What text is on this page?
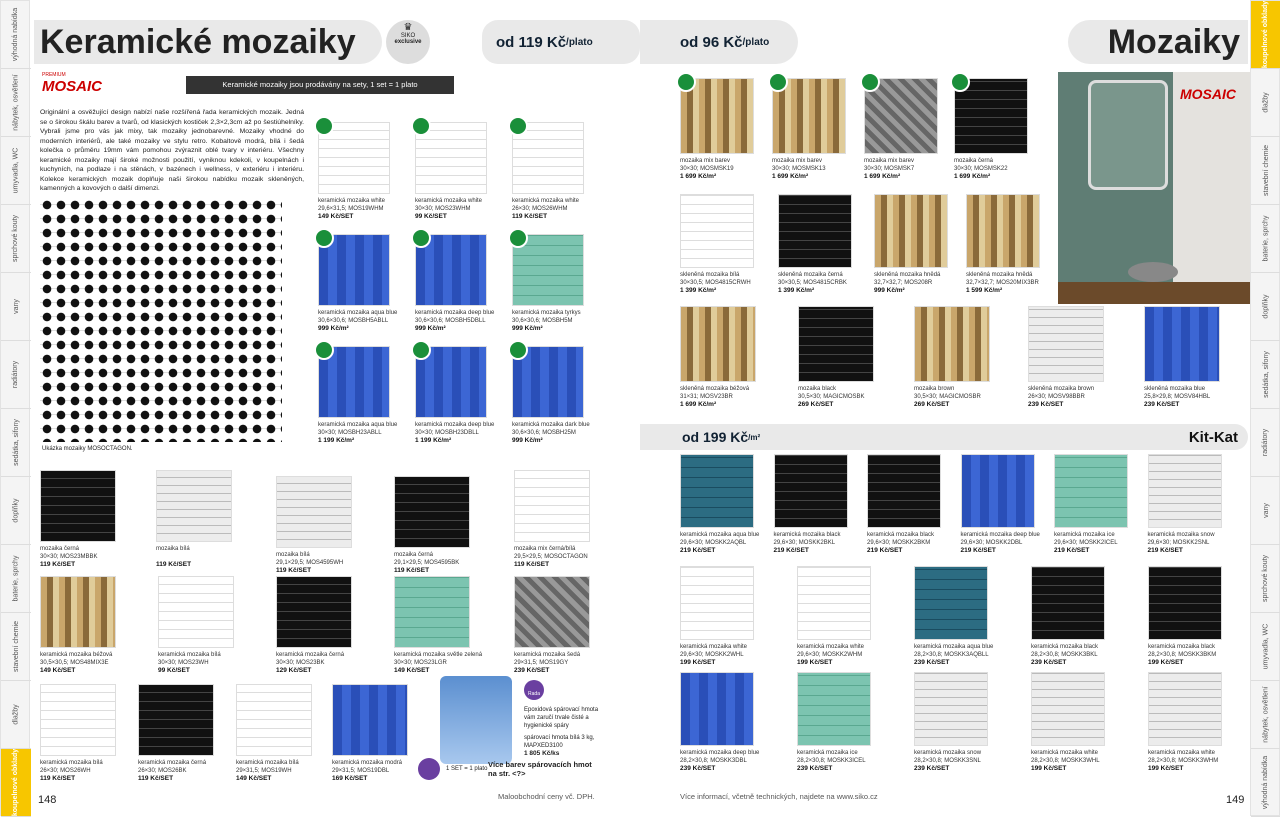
výhodná nabídka
nábytek, osvětlení
umyvadla, WC
sprchové kouty
vany
radiátory
sedátka, sifony
doplňky
baterie, sprchy
stavební chemie
dlažby
koupelnové obklady
koupelnové obklady
dlažby
stavební chemie
baterie, sprchy
doplňky
sedátka, sifony
radiátory
vany
sprchové kouty
umyvadla, WC
nábytek, osvětlení
výhodná nabídka
Keramické mozaiky	♛
SIKO
exclusive	od 119 Kč /plato	od 96 Kč /plato	Mozaiky
PREMIUM
MOSAIC	Keramické mozaiky jsou prodávány na sety, 1 set = 1 plato
Originální a osvěžující design nabízí naše rozšířená řada keramických mozaik. Jedná se o širokou škálu barev a tvarů, od klasických kostiček 2,3×2,3cm až po šestiúhelníky. Vybrali jsme pro vás jak mixy, tak mozaiky jednobarevné. Mozaiky vhodné do moderních interiérů, ale také mozaiky ve stylu retro. Kobaltově modrá, bílá i šedá kolečka o průměru 19mm vám pomohou zvýraznit oblé tvary v interiéru. Všechny keramické mozaiky mají široké možnosti použití, vyniknou kdekoli, v koupelnách i kuchyních, na podlaze i na stěnách, v bazénech i wellness, v exteriéru i interiéru. Kolekce keramických mozaik doplňuje naši širokou nabídku mozaik skleněných, kamenných a kovových o další dimenzi.
Ukázka mozaiky MOSOCTAGON.
keramická mozaika white
29,6×31,5; MOS19WHM
149 Kč/SET
keramická mozaika white
30×30; MOS23WHM
99 Kč/SET
keramická mozaika white
26×30; MOS26WHM
119 Kč/SET
keramická mozaika aqua blue
30,6×30,6; MOSBH5ABLL
999 Kč/m²
keramická mozaika deep blue
30,6×30,6; MOSBH5DBLL
999 Kč/m²
keramická mozaika tyrkys
30,6×30,6; MOSBH5M
999 Kč/m²
keramická mozaika aqua blue
30×30; MOSBH23ABLL
1 199 Kč/m²
keramická mozaika deep blue
30×30; MOSBH23DBLL
1 199 Kč/m²
keramická mozaika dark blue
30,6×30,6; MOSBH25M
999 Kč/m²
mozaika černá
30×30; MOS23MBBK
119 Kč/SET
mozaika bílá
119 Kč/SET
mozaika bílá
29,1×29,5; MOS4595WH
119 Kč/SET
mozaika černá
29,1×29,5; MOS4595BK
119 Kč/SET
mozaika mix černá/bílá
29,5×29,5; MOSOCTAGON
119 Kč/SET
keramická mozaika béžová
30,5×30,5; MOS48MIX3E
149 Kč/SET
keramická mozaika bílá
30×30; MOS23WH
99 Kč/SET
keramická mozaika černá
30×30; MOS23BK
129 Kč/SET
keramická mozaika světle zelená
30×30; MOS23LGR
149 Kč/SET
keramická mozaika šedá
29×31,5; MOS19GY
239 Kč/SET
keramická mozaika bílá
26×30; MOS26WH
119 Kč/SET
keramická mozaika černá
26×30; MOS26BK
119 Kč/SET
keramická mozaika bílá
29×31,5; MOS19WH
149 Kč/SET
keramická mozaika modrá
29×31,5; MOS19DBL
169 Kč/SET
mozaika mix barev
30×30; MOSMSK19
1 699 Kč/m²
mozaika mix barev
30×30; MOSMSK13
1 699 Kč/m²
mozaika mix barev
30×30; MOSMSK7
1 699 Kč/m²
mozaika černá
30×30; MOSMSK22
1 699 Kč/m²
skleněná mozaika bílá
30×30,5; MOS4815CRWH
1 399 Kč/m²
skleněná mozaika černá
30×30,5; MOS4815CRBK
1 399 Kč/m²
skleněná mozaika hnědá
32,7×32,7; MOS208R
999 Kč/m²
skleněná mozaika hnědá
32,7×32,7; MOS20MIX3BR
1 599 Kč/m²
skleněná mozaika béžová
31×31; MOSV23BR
1 699 Kč/m²
mozaika black
30,5×30; MAGICMOSBK
269 Kč/SET
mozaika brown
30,5×30; MAGICMOSBR
269 Kč/SET
skleněná mozaika brown
26×30; MOSV98BBR
239 Kč/SET
skleněná mozaika blue
25,8×29,8; MOSV84HBL
239 Kč/SET
keramická mozaika aqua blue
29,6×30; MOSKK2AQBL
219 Kč/SET
keramická mozaika black
29,6×30; MOSKK2BKL
219 Kč/SET
keramická mozaika black
29,6×30; MOSKK2BKM
219 Kč/SET
keramická mozaika deep blue
29,6×30; MOSKK2DBL
219 Kč/SET
keramická mozaika ice
29,6×30; MOSKK2ICEL
219 Kč/SET
keramická mozaika snow
29,6×30; MOSKK2SNL
219 Kč/SET
keramická mozaika white
29,6×30; MOSKK2WHL
199 Kč/SET
keramická mozaika white
29,6×30; MOSKK2WHM
199 Kč/SET
keramická mozaika aqua blue
28,2×30,8; MOSKK3AQBLL
239 Kč/SET
keramická mozaika black
28,2×30,8; MOSKK3BKL
239 Kč/SET
keramická mozaika black
28,2×30,8; MOSKK3BKM
199 Kč/SET
keramická mozaika deep blue
28,2×30,8; MOSKK3DBL
239 Kč/SET
keramická mozaika ice
28,2×30,8; MOSKK3ICEL
239 Kč/SET
keramická mozaika snow
28,2×30,8; MOSKK3SNL
239 Kč/SET
keramická mozaika white
28,2×30,8; MOSKK3WHL
199 Kč/SET
keramická mozaika white
28,2×30,8; MOSKK3WHM
199 Kč/SET
Rada
Epoxidová spárovací hmota vám zaručí trvale čisté a hygienické spáry
spárovací hmota bílá 3 kg, MAPXED3100
1 805 Kč/ks
Více barev spárovacích hmot na str. <?>
1 SET = 1 plato
MOSAIC
od 199 Kč /m²	Kit-Kat
148	Maloobchodní ceny vč. DPH.	Více informací, včetně technických, najdete na www.siko.cz	149
